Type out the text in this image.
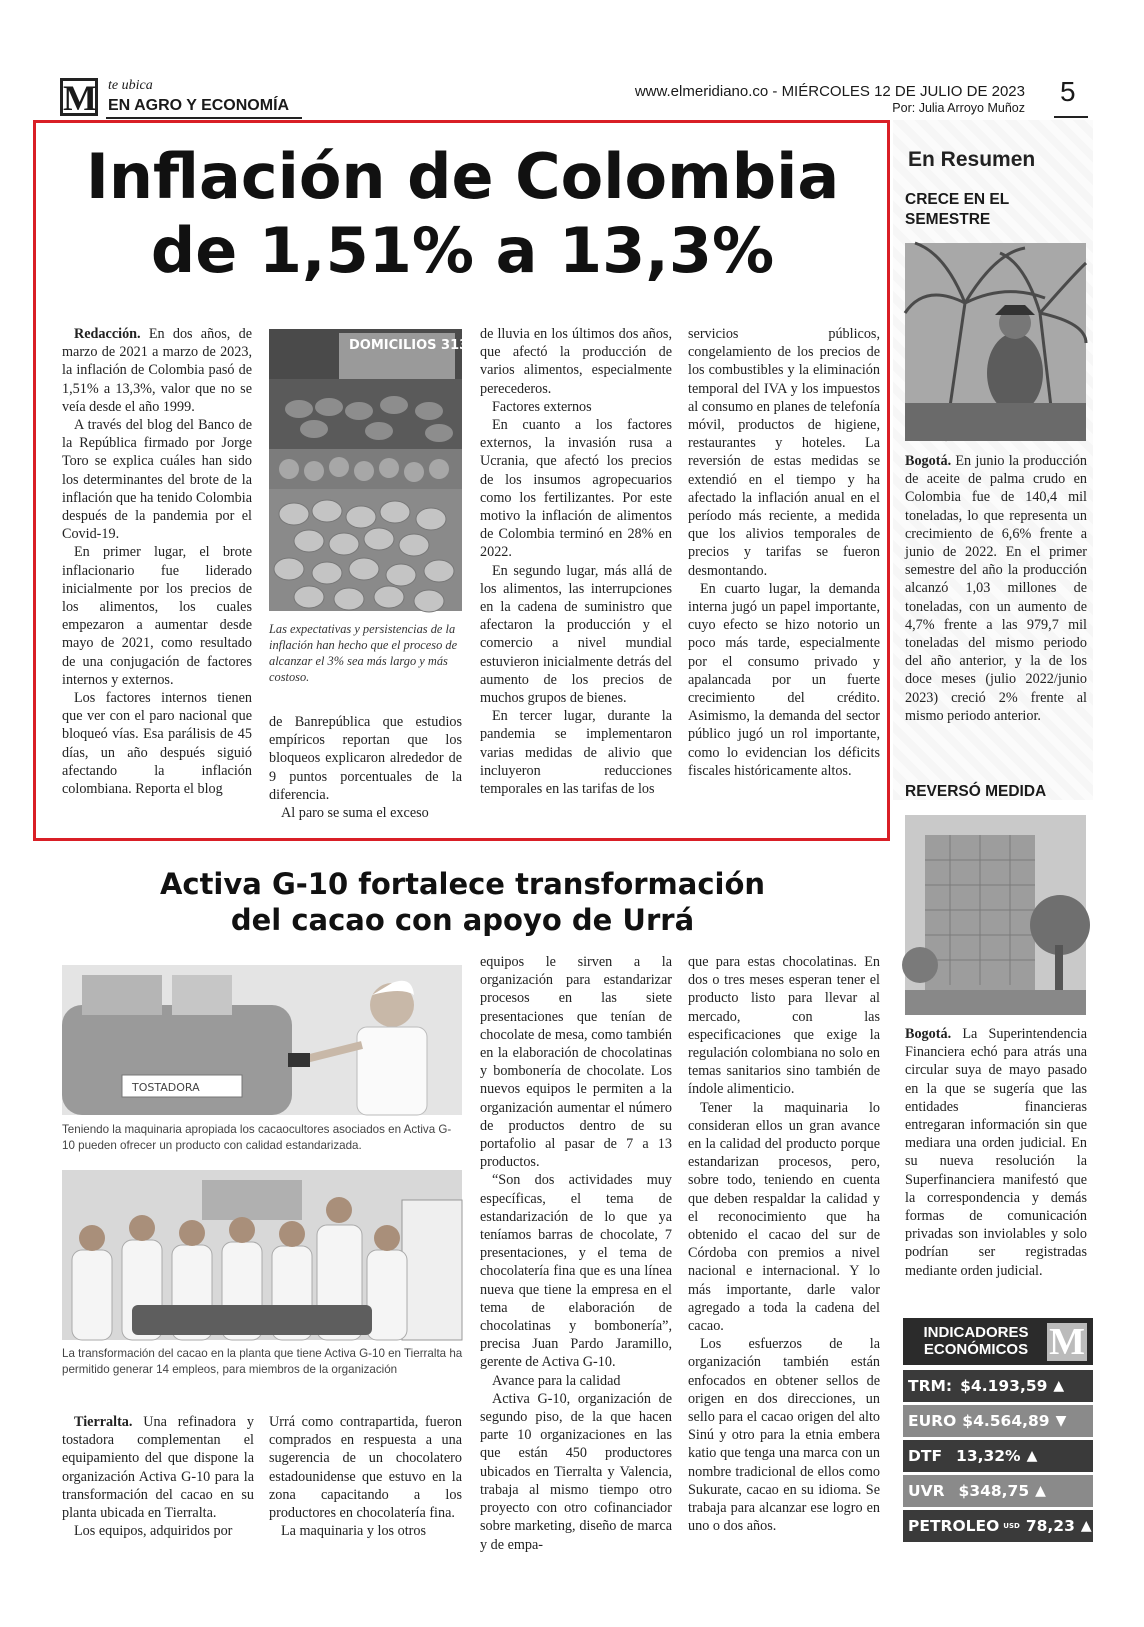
M te ubica
EN AGRO Y ECONOMÍA
www.elmeridiano.co - MIÉRCOLES 12 DE JULIO DE 2023
Por: Julia Arroyo Muñoz
5
Inflación de Colombia
de 1,51% a 13,3%

Redacción. En dos años, de marzo de 2021 a marzo de 2023, la inflación de Colombia pasó de 1,51% a 13,3%, valor que no se veía desde el año 1999.

A través del blog del Banco de la República firmado por Jorge Toro se explica cuáles han sido los determinantes del brote de la inflación que ha tenido Colombia después de la pandemia por el Covid-19.

En primer lugar, el brote inflacionario fue liderado inicialmente por los precios de los alimentos, los cuales empezaron a aumentar desde mayo de 2021, como resultado de una conjugación de factores internos y externos.

Los factores internos tienen que ver con el paro nacional que bloqueó vías. Esa parálisis de 45 días, un año después siguió afectando la inflación colombiana. Reporta el blog

DOMICILIOS 3137869897 79967
Las expectativas y persistencias de la inflación han hecho que el proceso de alcanzar el 3% sea más largo y más costoso.

de Banrepública que estudios empíricos reportan que los bloqueos explicaron alrededor de 9 puntos porcentuales de la diferencia.

Al paro se suma el exceso

de lluvia en los últimos dos años, que afectó la producción de varios alimentos, especialmente perecederos.

Factores externos

En cuanto a los factores externos, la invasión rusa a Ucrania, que afectó los precios de los insumos agropecuarios como los fertilizantes. Por este motivo la inflación de alimentos de Colombia terminó en 28% en 2022.

En segundo lugar, más allá de los alimentos, las interrupciones en la cadena de suministro que afectaron la producción y el comercio a nivel mundial estuvieron inicialmente detrás del aumento de los precios de muchos grupos de bienes.

En tercer lugar, durante la pandemia se implementaron varias medidas de alivio que incluyeron reducciones temporales en las tarifas de los

servicios públicos, congelamiento de los precios de los combustibles y la eliminación temporal del IVA y los impuestos al consumo en planes de telefonía móvil, productos de higiene, restaurantes y hoteles. La reversión de estas medidas se extendió en el tiempo y ha afectado la inflación anual en el período más reciente, a medida que los alivios temporales de precios y tarifas se fueron desmontando.

En cuarto lugar, la demanda interna jugó un papel importante, cuyo efecto se hizo notorio un poco más tarde, especialmente por el consumo privado y apalancada por un fuerte crecimiento del crédito. Asimismo, la demanda del sector público jugó un rol importante, como lo evidencian los déficits fiscales históricamente altos.

En Resumen
CRECE EN EL SEMESTRE

Bogotá. En junio la producción de aceite de palma crudo en Colombia fue de 140,4 mil toneladas, lo que representa un crecimiento de 6,6% frente a junio de 2022. En el primer semestre del año la producción alcanzó 1,03 millones de toneladas, con un aumento de 4,7% frente a las 979,7 mil toneladas del mismo periodo del año anterior, y la de los doce meses (julio 2022/junio 2023) creció 2% frente al mismo periodo anterior.

REVERSÓ MEDIDA

Bogotá. La Superintendencia Financiera echó para atrás una circular suya de mayo pasado en la que se sugería que las entidades financieras entregaran información sin que mediara una orden judicial. En su nueva resolución la Superfinanciera manifestó que la correspondencia y demás formas de comunicación privadas son inviolables y solo podrían ser registradas mediante orden judicial.

INDICADORES
ECONÓMICOS M
TRM: $4.193,59 ▲
EURO $4.564,89 ▼
DTF 13,32% ▲
UVR $348,75 ▲
PETROLEO USD 78,23 ▲
Activa G-10 fortalece transformación
del cacao con apoyo de Urrá
TOSTADORA
Teniendo la maquinaria apropiada los cacaocultores asociados en Activa G-10 pueden ofrecer un producto con calidad estandarizada.
La transformación del cacao en la planta que tiene Activa G-10 en Tierralta ha permitido generar 14 empleos, para miembros de la organización

Tierralta. Una refinadora y tostadora complementan el equipamiento del que dispone la organización Activa G-10 para la transformación del cacao en su planta ubicada en Tierralta.

Los equipos, adquiridos por

Urrá como contrapartida, fueron comprados en respuesta a una sugerencia de un chocolatero estadounidense que estuvo en la zona capacitando a los productores en chocolatería fina.

La maquinaria y los otros

equipos le sirven a la organización para estandarizar procesos en las siete presentaciones que tenían de chocolate de mesa, como también en la elaboración de chocolatinas y bombonería de chocolate. Los nuevos equipos le permiten a la organización aumentar el número de productos dentro de su portafolio al pasar de 7 a 13 productos.

“Son dos actividades muy específicas, el tema de estandarización de lo que ya teníamos barras de chocolate, 7 presentaciones, y el tema de chocolatería fina que es una línea nueva que tiene la empresa en el tema de elaboración de chocolatinas y bombonería”, precisa Juan Pardo Jaramillo, gerente de Activa G-10.

Avance para la calidad

Activa G-10, organización de segundo piso, de la que hacen parte 10 organizaciones en las que están 450 productores ubicados en Tierralta y Valencia, trabaja al mismo tiempo otro proyecto con otro cofinanciador sobre marketing, diseño de marca y de empa-

que para estas chocolatinas. En dos o tres meses esperan tener el producto listo para llevar al mercado, con las especificaciones que exige la regulación colombiana no solo en temas sanitarios sino también de índole alimenticio.

Tener la maquinaria lo consideran ellos un gran avance en la calidad del producto porque estandarizan procesos, pero, sobre todo, teniendo en cuenta que deben respaldar la calidad y el reconocimiento que ha obtenido el cacao del sur de Córdoba con premios a nivel nacional e internacional. Y lo más importante, darle valor agregado a toda la cadena del cacao.

Los esfuerzos de la organización también están enfocados en obtener sellos de origen en dos direcciones, un sello para el cacao origen del alto Sinú y otro para la etnia embera katio que tenga una marca con un nombre tradicional de ellos como Sukurate, cacao en su idioma. Se trabaja para alcanzar ese logro en uno o dos años.
